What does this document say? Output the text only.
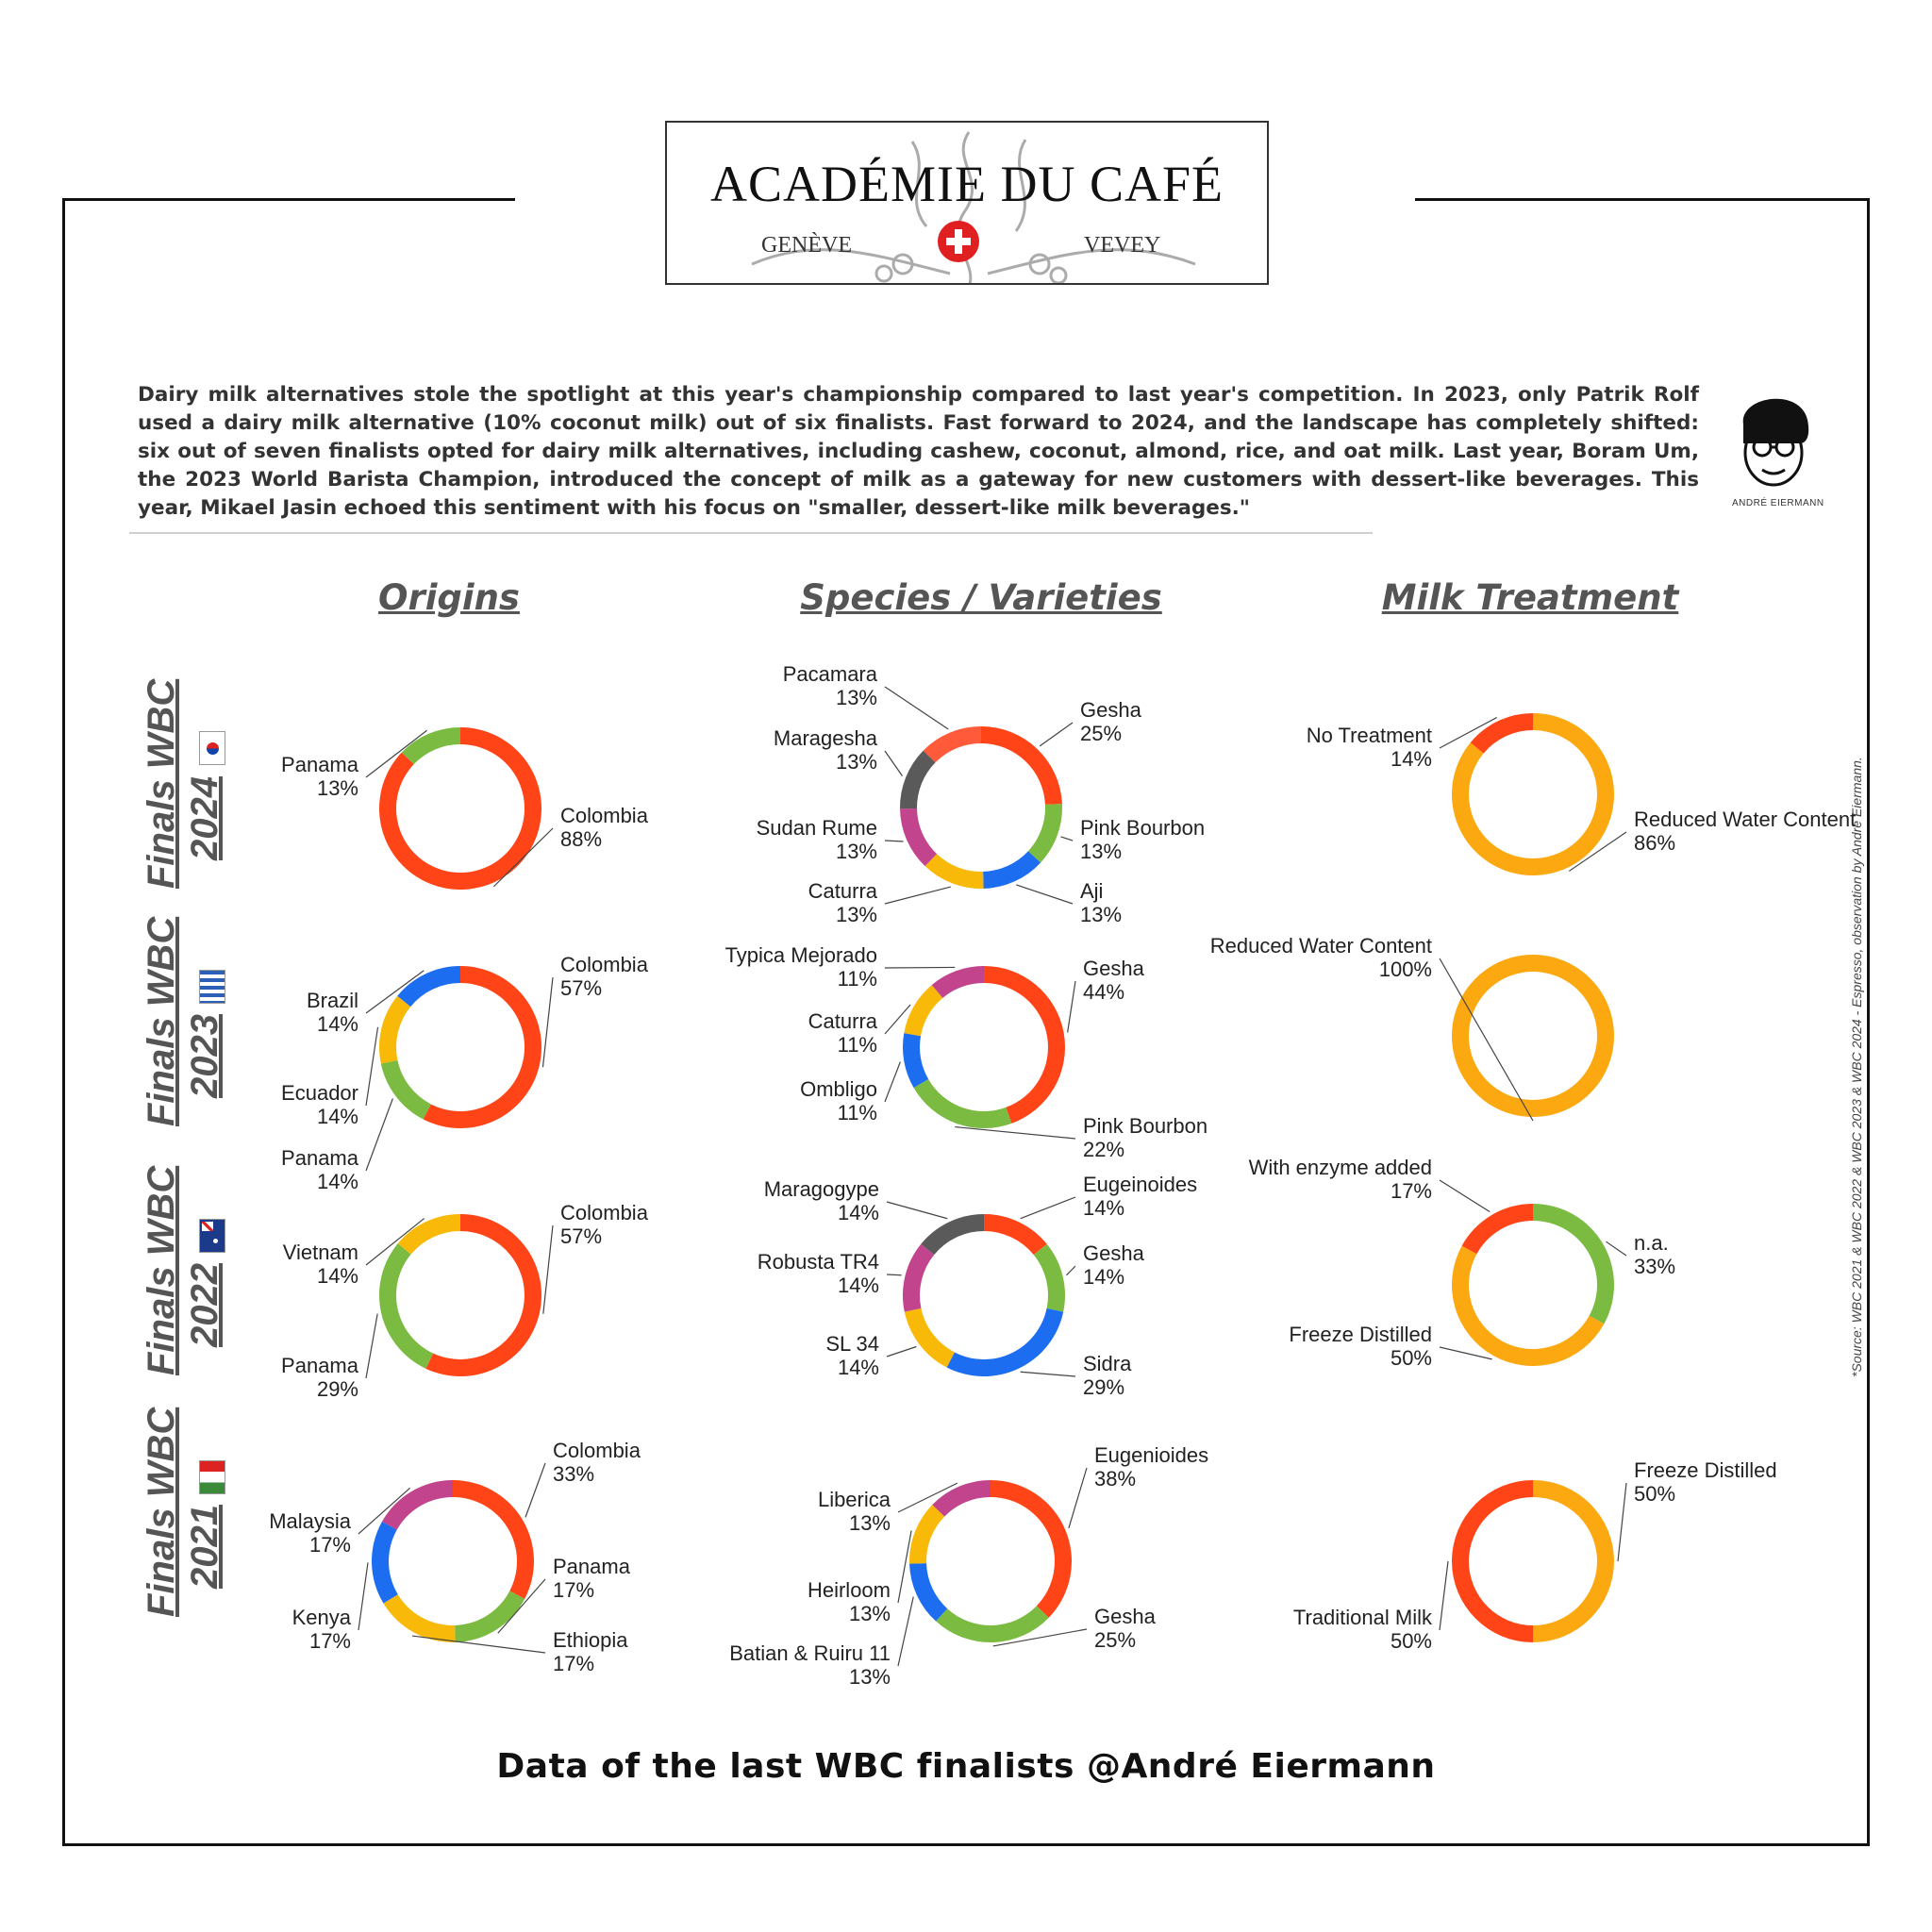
ACADÉMIE DU CAFÉ
GENÈVE	VEVEY
Dairy milk alternatives stole the spotlight at this year's championship compared to last year's competition. In 2023, only Patrik Rolf used a dairy milk alternative (10% coconut milk) out of six finalists. Fast forward to 2024, and the landscape has completely shifted: six out of seven finalists opted for dairy milk alternatives, including cashew, coconut, almond, rice, and oat milk. Last year, Boram Um, the 2023 World Barista Champion, introduced the concept of milk as a gateway for new customers with dessert-like beverages. This year, Mikael Jasin echoed this sentiment with his focus on "smaller, dessert-like milk beverages."	ANDRÉ EIERMANN
Origins	Species / Varieties	Milk Treatment
Finals WBC 2024
Finals WBC 2023
Finals WBC 2022
Finals WBC 2021
Colombia
88%
Panama
13%
Gesha
25%
Pink Bourbon
13%
Aji
13%
Caturra
13%
Sudan Rume
13%
Maragesha
13%
Pacamara
13%
Reduced Water Content
86%
No Treatment
14%
Colombia
57%
Panama
14%
Ecuador
14%
Brazil
14%
Gesha
44%
Pink Bourbon
22%
Ombligo
11%
Caturra
11%
Typica Mejorado
11%
Reduced Water Content
100%
Colombia
57%
Panama
29%
Vietnam
14%
Eugeinoides
14%
Gesha
14%
Sidra
29%
SL 34
14%
Robusta TR4
14%
Maragogype
14%
n.a.
33%
Freeze Distilled
50%
With enzyme added
17%
Colombia
33%
Panama
17%
Ethiopia
17%
Kenya
17%
Malaysia
17%
Eugenioides
38%
Gesha
25%
Batian & Ruiru 11
13%
Heirloom
13%
Liberica
13%
Freeze Distilled
50%
Traditional Milk
50%
Data of the last WBC finalists @André Eiermann
*Source: WBC 2021 & WBC 2022 & WBC 2023 & WBC 2024 - Espresso, observation by Andre Eiermann.
